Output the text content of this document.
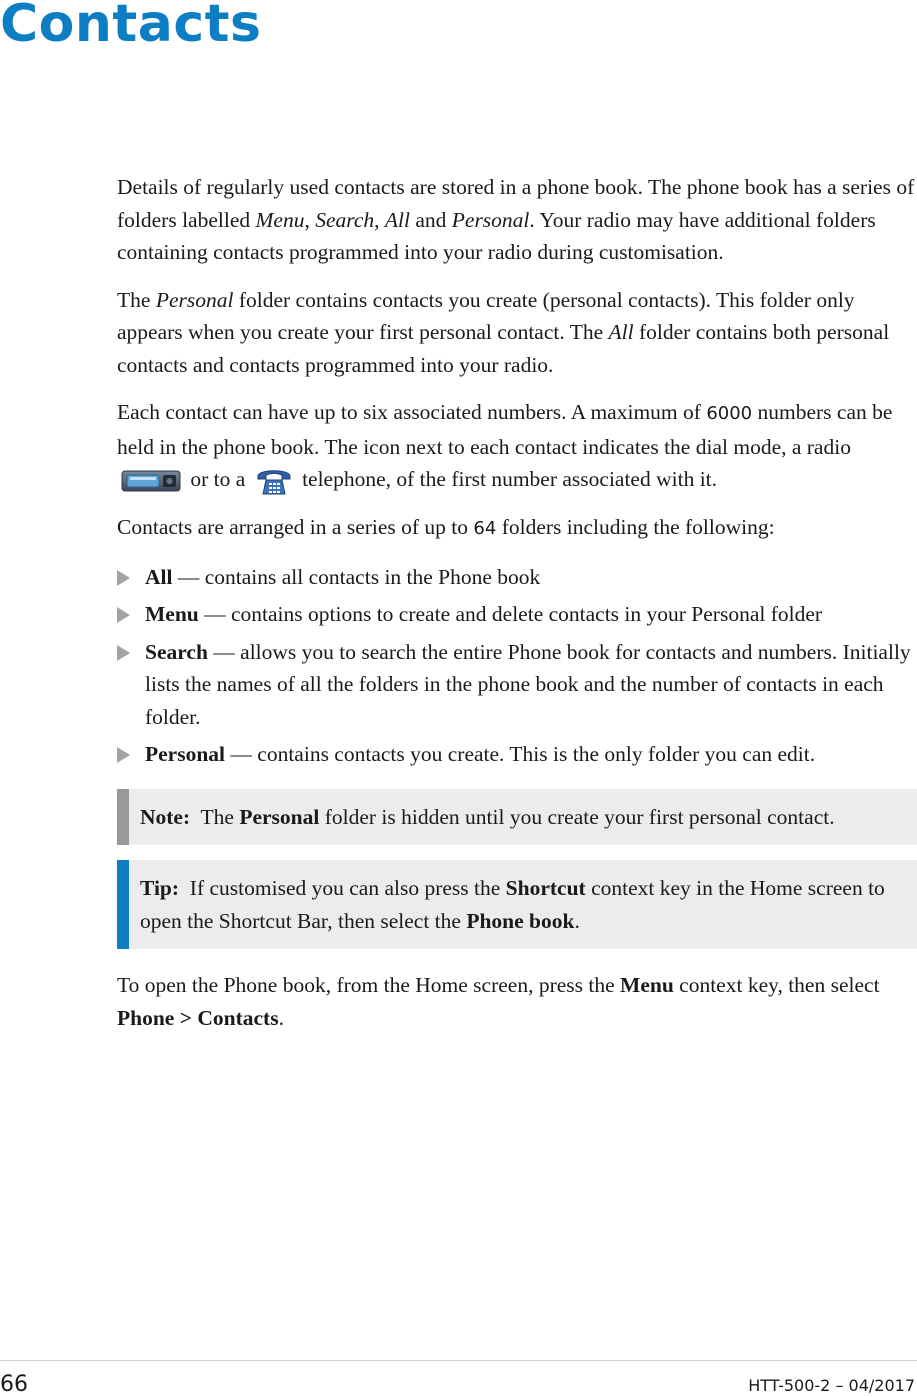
Contacts

Details of regularly used contacts are stored in a phone book. The phone book has a series of folders labelled Menu, Search, All and Personal. Your radio may have additional folders containing contacts programmed into your radio during customisation.

The Personal folder contains contacts you create (personal contacts). This folder only appears when you create your first personal contact. The All folder contains both personal contacts and contacts programmed into your radio.

Each contact can have up to six associated numbers. A maximum of 6000 numbers can be held in the phone book. The icon next to each contact indicates the dial mode, a radio  or to a  telephone, of the first number associated with it.

Contacts are arranged in a series of up to 64 folders including the following:

All — contains all contacts in the Phone book
Menu — contains options to create and delete contacts in your Personal folder
Search — allows you to search the entire Phone book for contacts and numbers. Initially lists the names of all the folders in the phone book and the number of contacts in each folder.
Personal — contains contacts you create. This is the only folder you can edit.
Note:  The Personal folder is hidden until you create your first personal contact.
Tip:  If customised you can also press the Shortcut context key in the Home screen to open the Shortcut Bar, then select the Phone book.

To open the Phone book, from the Home screen, press the Menu context key, then select Phone > Contacts.

66	HTT-500-2 – 04/2017
